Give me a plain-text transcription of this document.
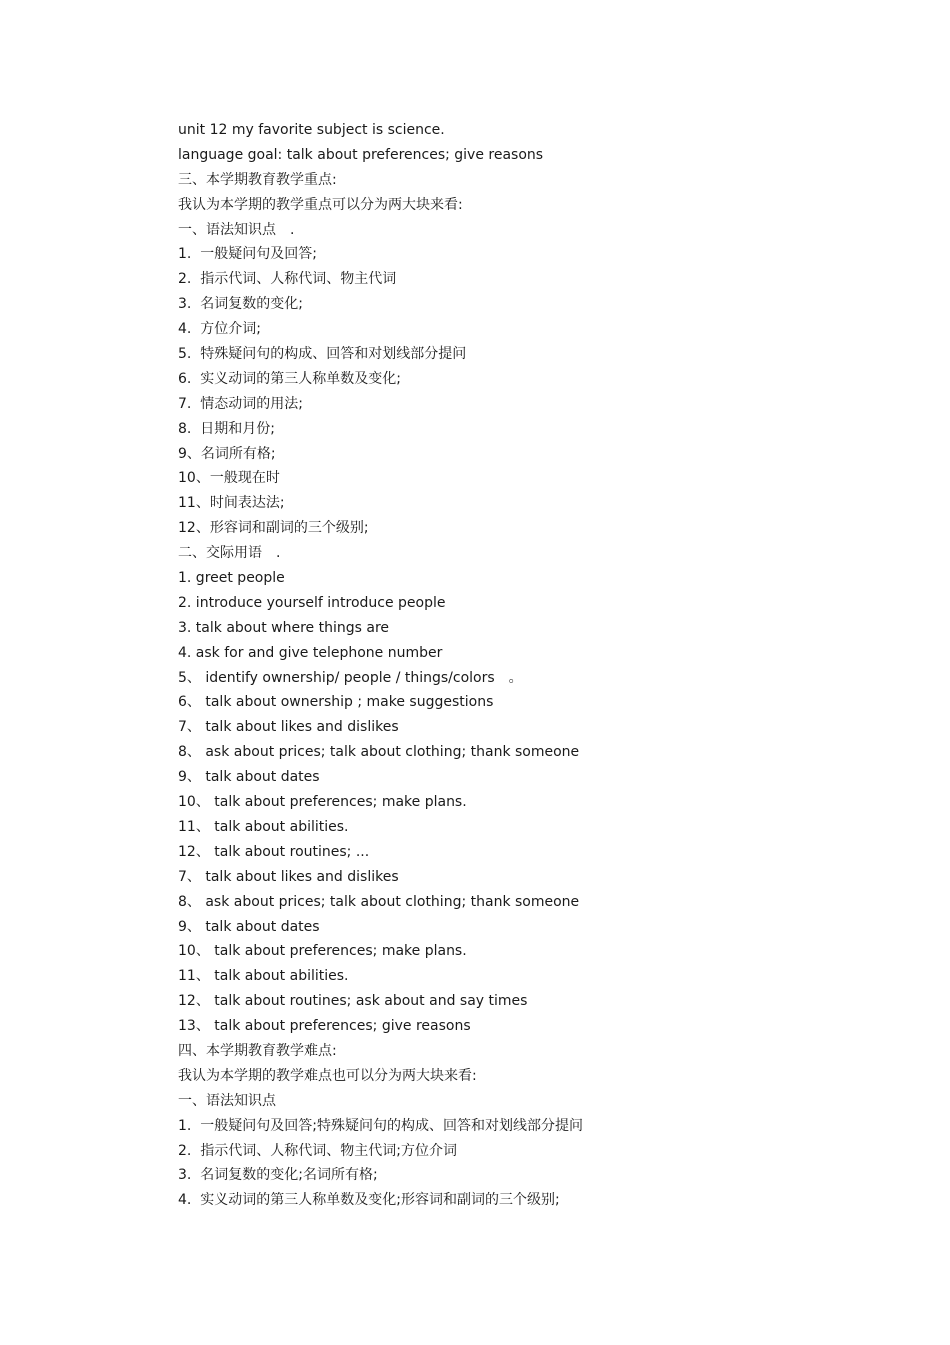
unit 12 my favorite subject is science.
language goal: talk about preferences; give reasons
三、本学期教育教学重点:
我认为本学期的教学重点可以分为两大块来看:
一、语法知识点　.
1.  一般疑问句及回答;
2.  指示代词、人称代词、物主代词
3.  名词复数的变化;
4.  方位介词;
5.  特殊疑问句的构成、回答和对划线部分提问
6.  实义动词的第三人称单数及变化;
7.  情态动词的用法;
8.  日期和月份;
9、名词所有格;
10、一般现在时
11、时间表达法;
12、形容词和副词的三个级别;
二、交际用语　.
1. greet people
2. introduce yourself introduce people
3. talk about where things are
4. ask for and give telephone number
5、 identify ownership/ people / things/colors　。
6、 talk about ownership ; make suggestions
7、 talk about likes and dislikes
8、 ask about prices; talk about clothing; thank someone
9、 talk about dates
10、 talk about preferences; make plans.
11、 talk about abilities.
12、 talk about routines; ...
7、 talk about likes and dislikes
8、 ask about prices; talk about clothing; thank someone
9、 talk about dates
10、 talk about preferences; make plans.
11、 talk about abilities.
12、 talk about routines; ask about and say times
13、 talk about preferences; give reasons
四、本学期教育教学难点:
我认为本学期的教学难点也可以分为两大块来看:
一、语法知识点
1.  一般疑问句及回答;特殊疑问句的构成、回答和对划线部分提问
2.  指示代词、人称代词、物主代词;方位介词
3.  名词复数的变化;名词所有格;
4.  实义动词的第三人称单数及变化;形容词和副词的三个级别;
